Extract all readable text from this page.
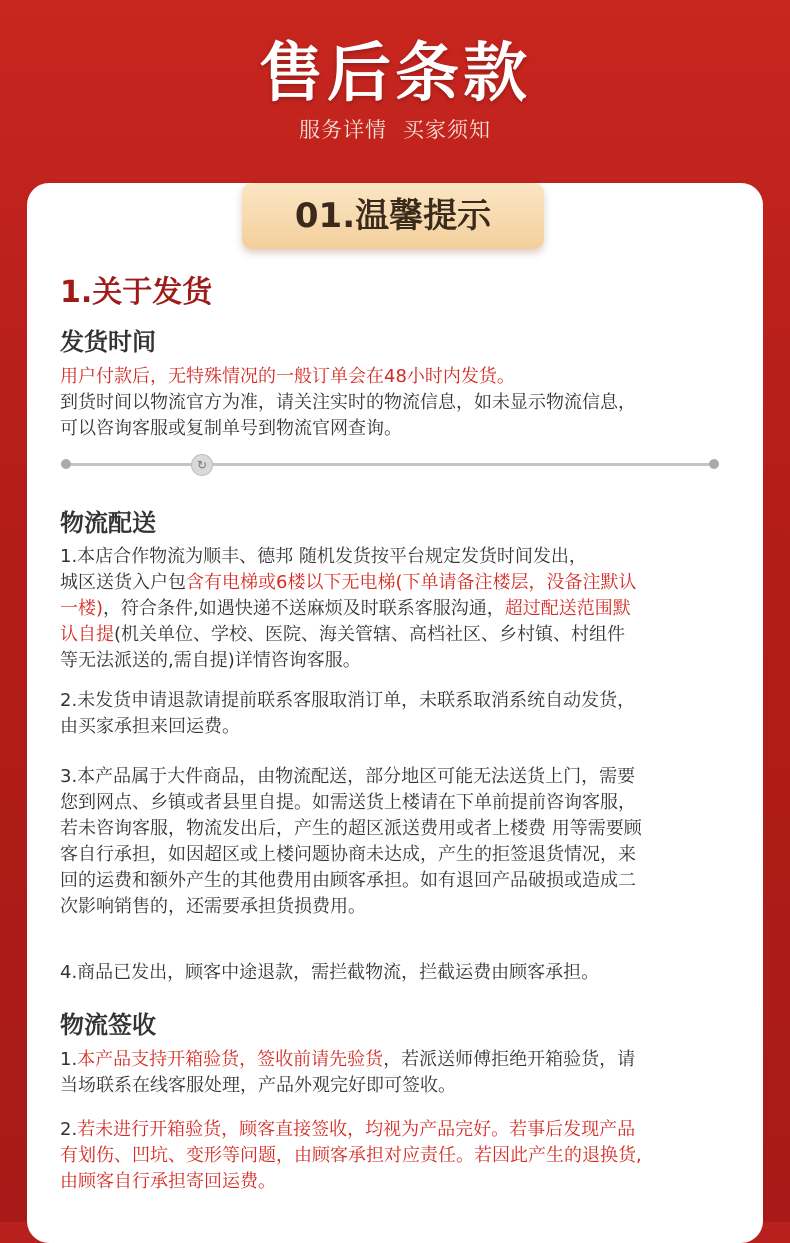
售后条款
服务详情 买家须知
01.温馨提示
1.关于发货
发货时间
用户付款后，无特殊情况的一般订单会在48小时内发货。
到货时间以物流官方为准，请关注实时的物流信息，如未显示物流信息，
可以咨询客服或复制单号到物流官网查询。
↻
物流配送
1.本店合作物流为顺丰、德邦 随机发货按平台规定发货时间发出，
城区送货入户包含有电梯或6楼以下无电梯(下单请备注楼层，没备注默认
一楼)，符合条件,如遇快递不送麻烦及时联系客服沟通，超过配送范围默
认自提(机关单位、学校、医院、海关管辖、高档社区、乡村镇、村组件
等无法派送的,需自提)详情咨询客服。
2.未发货申请退款请提前联系客服取消订单，未联系取消系统自动发货，
由买家承担来回运费。
3.本产品属于大件商品，由物流配送，部分地区可能无法送货上门，需要
您到网点、乡镇或者县里自提。如需送货上楼请在下单前提前咨询客服，
若未咨询客服，物流发出后，产生的超区派送费用或者上楼费 用等需要顾
客自行承担，如因超区或上楼问题协商未达成，产生的拒签退货情况，来
回的运费和额外产生的其他费用由顾客承担。如有退回产品破损或造成二
次影响销售的，还需要承担货损费用。
4.商品已发出，顾客中途退款，需拦截物流，拦截运费由顾客承担。
物流签收
1.本产品支持开箱验货，签收前请先验货，若派送师傅拒绝开箱验货，请
当场联系在线客服处理，产品外观完好即可签收。
2.若未进行开箱验货，顾客直接签收，均视为产品完好。若事后发现产品
有划伤、凹坑、变形等问题，由顾客承担对应责任。若因此产生的退换货,
由顾客自行承担寄回运费。
